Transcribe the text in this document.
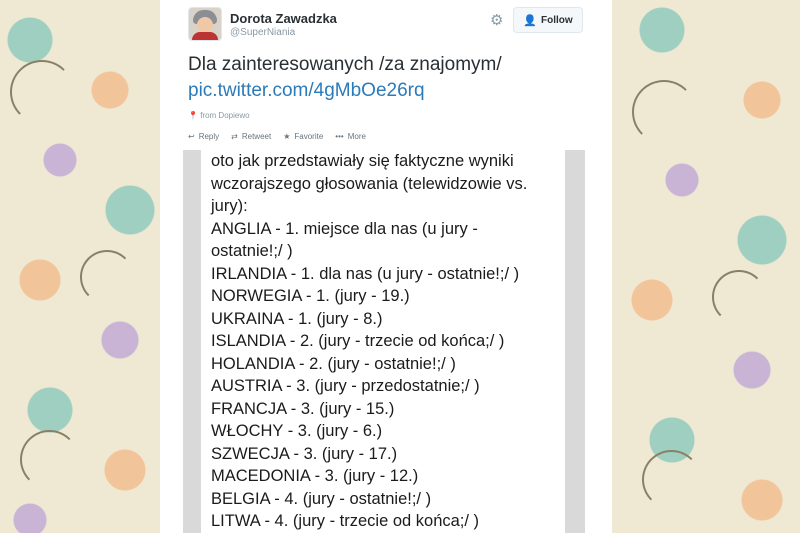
Dorota Zawadzka
@SuperNiania
⚙ 👤 Follow
Dla zainteresowanych /za znajomym/
pic.twitter.com/4gMbOe26rq
📍 from Dopiewo
↩ Reply ⇄ Retweet ★ Favorite ••• More
oto jak przedstawiały się faktyczne wyniki
wczorajszego głosowania (telewidzowie vs.
jury):
ANGLIA - 1. miejsce dla nas (u jury -
ostatnie!;/ )
IRLANDIA - 1. dla nas (u jury - ostatnie!;/ )
NORWEGIA - 1. (jury - 19.)
UKRAINA - 1. (jury - 8.)
ISLANDIA - 2. (jury - trzecie od końca;/ )
HOLANDIA - 2. (jury - ostatnie!;/ )
AUSTRIA - 3. (jury - przedostatnie;/ )
FRANCJA - 3. (jury - 15.)
WŁOCHY - 3. (jury - 6.)
SZWECJA - 3. (jury - 17.)
MACEDONIA - 3. (jury - 12.)
BELGIA - 4. (jury - ostatnie!;/ )
LITWA - 4. (jury - trzecie od końca;/ )
